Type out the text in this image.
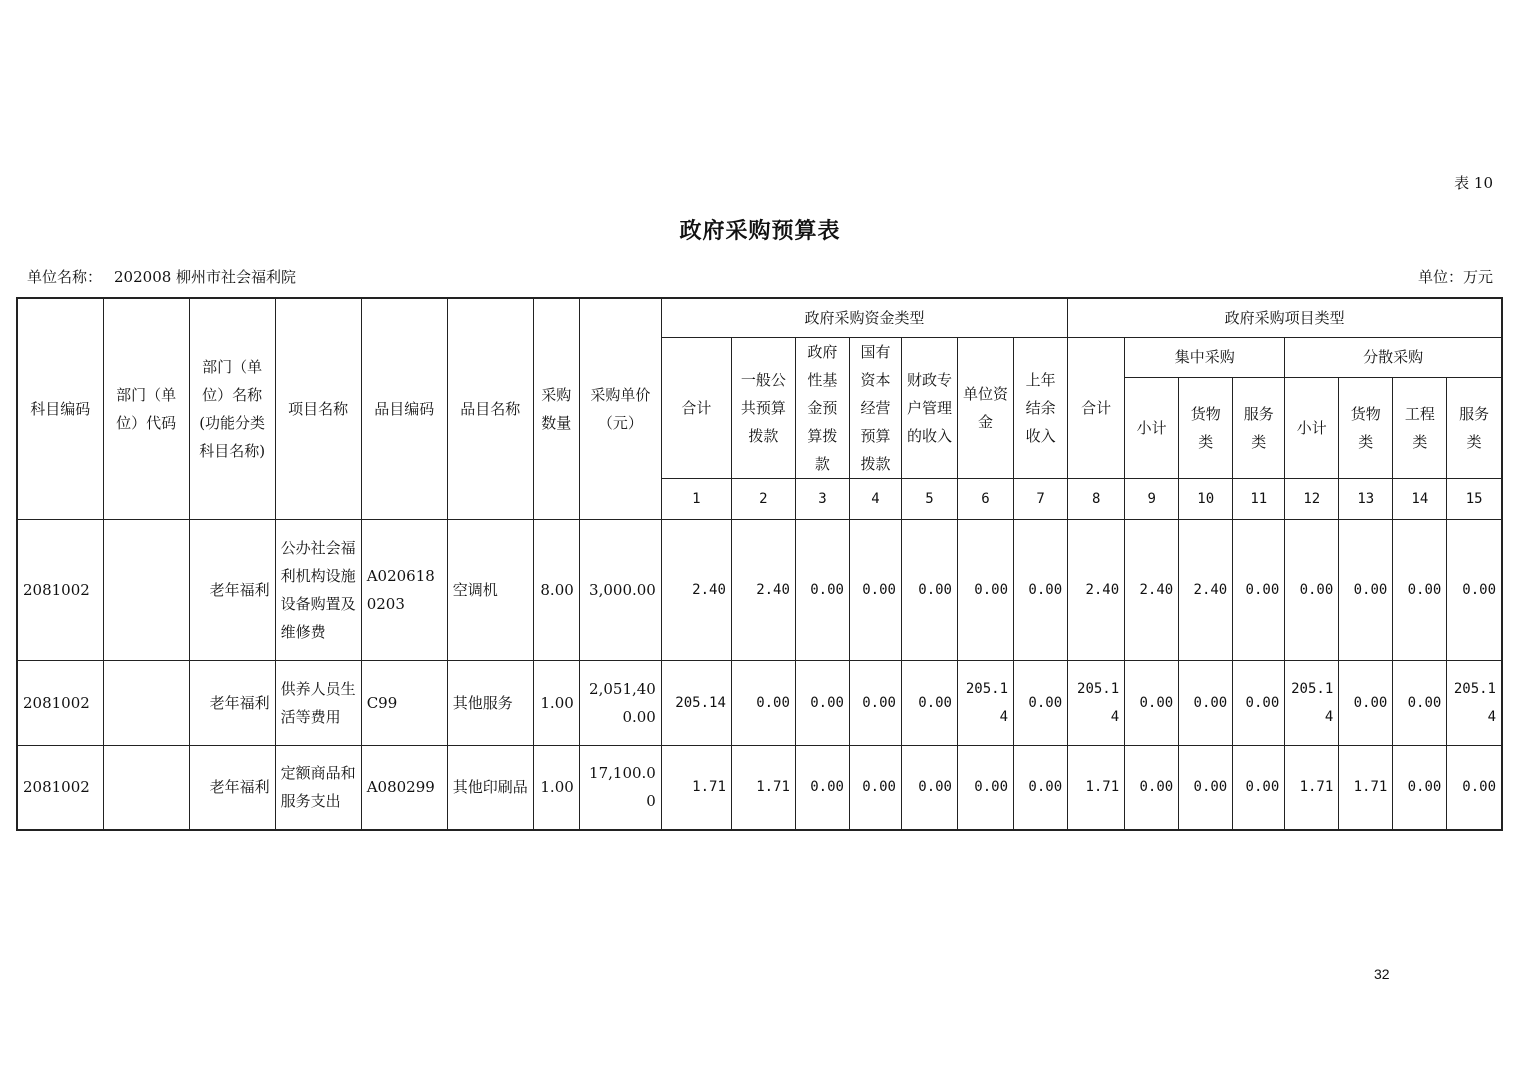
表 10
政府采购预算表
单位名称： 202008 柳州市社会福利院	单位：万元
科目编码	部门（单位）代码	部门（单位）名称(功能分类科目名称)	项目名称	品目编码	品目名称	采购数量	采购单价（元）	政府采购资金类型							政府采购项目类型							
								合计	一般公共预算拨款	政府性基金预算拨款	国有资本经营预算拨款	财政专户管理的收入	单位资金	上年结余收入	合计	集中采购			分散采购			
																小计	货物类	服务类	小计	货物类	工程类	服务类
								1	2	3	4	5	6	7	8	9	10	11	12	13	14	15
2081002		老年福利	公办社会福利机构设施设备购置及维修费	A0206180203	空调机	8.00	3,000.00	2.40	2.40	0.00	0.00	0.00	0.00	0.00	2.40	2.40	2.40	0.00	0.00	0.00	0.00	0.00
2081002		老年福利	供养人员生活等费用	C99	其他服务	1.00	2,051,400.00	205.14	0.00	0.00	0.00	0.00	205.14	0.00	205.14	0.00	0.00	0.00	205.14	0.00	0.00	205.14
2081002		老年福利	定额商品和服务支出	A080299	其他印刷品	1.00	17,100.00	1.71	1.71	0.00	0.00	0.00	0.00	0.00	1.71	0.00	0.00	0.00	1.71	1.71	0.00	0.00
32
